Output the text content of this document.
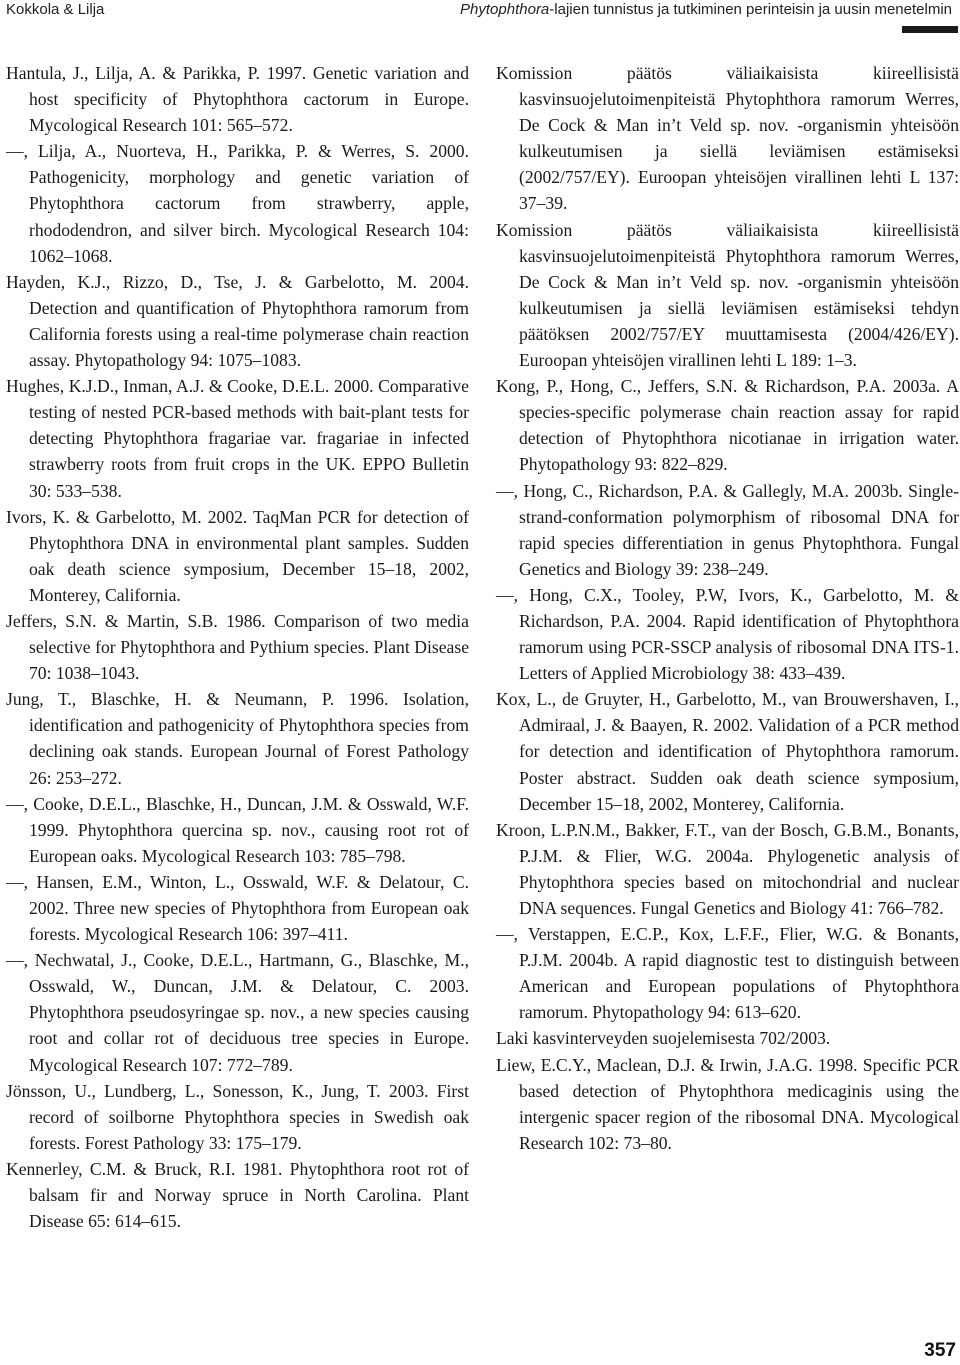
Kokkola & Lilja	Phytophthora-lajien tunnistus ja tutkiminen perinteisin ja uusin menetelmin

Hantula, J., Lilja, A. & Parikka, P. 1997. Genetic variation and host specificity of Phytophthora cactorum in Europe. Mycological Research 101: 565–572.

—, Lilja, A., Nuorteva, H., Parikka, P. & Werres, S. 2000. Pathogenicity, morphology and genetic variation of Phytophthora cactorum from strawberry, apple, rhododendron, and silver birch. Mycological Research 104: 1062–1068.

Hayden, K.J., Rizzo, D., Tse, J. & Garbelotto, M. 2004. Detection and quantification of Phytophthora ramorum from California forests using a real-time polymerase chain reaction assay. Phytopathology 94: 1075–1083.

Hughes, K.J.D., Inman, A.J. & Cooke, D.E.L. 2000. Comparative testing of nested PCR-based methods with bait-plant tests for detecting Phytophthora fragariae var. fragariae in infected strawberry roots from fruit crops in the UK. EPPO Bulletin 30: 533–538.

Ivors, K. & Garbelotto, M. 2002. TaqMan PCR for detection of Phytophthora DNA in environmental plant samples. Sudden oak death science symposium, December 15–18, 2002, Monterey, California.

Jeffers, S.N. & Martin, S.B. 1986. Comparison of two media selective for Phytophthora and Pythium species. Plant Disease 70: 1038–1043.

Jung, T., Blaschke, H. & Neumann, P. 1996. Isolation, identification and pathogenicity of Phytophthora species from declining oak stands. European Journal of Forest Pathology 26: 253–272.

—, Cooke, D.E.L., Blaschke, H., Duncan, J.M. & Osswald, W.F. 1999. Phytophthora quercina sp. nov., causing root rot of European oaks. Mycological Research 103: 785–798.

—, Hansen, E.M., Winton, L., Osswald, W.F. & Delatour, C. 2002. Three new species of Phytophthora from European oak forests. Mycological Research 106: 397–411.

—, Nechwatal, J., Cooke, D.E.L., Hartmann, G., Blaschke, M., Osswald, W., Duncan, J.M. & Delatour, C. 2003. Phytophthora pseudosyringae sp. nov., a new species causing root and collar rot of deciduous tree species in Europe. Mycological Research 107: 772–789.

Jönsson, U., Lundberg, L., Sonesson, K., Jung, T. 2003. First record of soilborne Phytophthora species in Swedish oak forests. Forest Pathology 33: 175–179.

Kennerley, C.M. & Bruck, R.I. 1981. Phytophthora root rot of balsam fir and Norway spruce in North Carolina. Plant Disease 65: 614–615.

Komission päätös väliaikaisista kiireellisistä kasvinsuojelutoimenpiteistä Phytophthora ramorum Werres, De Cock & Man in’t Veld sp. nov. -organismin yhteisöön kulkeutumisen ja siellä leviämisen estämiseksi (2002/757/EY). Euroopan yhteisöjen virallinen lehti L 137: 37–39.

Komission päätös väliaikaisista kiireellisistä kasvinsuojelutoimenpiteistä Phytophthora ramorum Werres, De Cock & Man in’t Veld sp. nov. -organismin yhteisöön kulkeutumisen ja siellä leviämisen estämiseksi tehdyn päätöksen 2002/757/EY muuttamisesta (2004/426/EY). Euroopan yhteisöjen virallinen lehti L 189: 1–3.

Kong, P., Hong, C., Jeffers, S.N. & Richardson, P.A. 2003a. A species-specific polymerase chain reaction assay for rapid detection of Phytophthora nicotianae in irrigation water. Phytopathology 93: 822–829.

—, Hong, C., Richardson, P.A. & Gallegly, M.A. 2003b. Single-strand-conformation polymorphism of ribosomal DNA for rapid species differentiation in genus Phytophthora. Fungal Genetics and Biology 39: 238–249.

—, Hong, C.X., Tooley, P.W, Ivors, K., Garbelotto, M. & Richardson, P.A. 2004. Rapid identification of Phytophthora ramorum using PCR-SSCP analysis of ribosomal DNA ITS-1. Letters of Applied Microbiology 38: 433–439.

Kox, L., de Gruyter, H., Garbelotto, M., van Brouwershaven, I., Admiraal, J. & Baayen, R. 2002. Validation of a PCR method for detection and identification of Phytophthora ramorum. Poster abstract. Sudden oak death science symposium, December 15–18, 2002, Monterey, California.

Kroon, L.P.N.M., Bakker, F.T., van der Bosch, G.B.M., Bonants, P.J.M. & Flier, W.G. 2004a. Phylogenetic analysis of Phytophthora species based on mitochondrial and nuclear DNA sequences. Fungal Genetics and Biology 41: 766–782.

—, Verstappen, E.C.P., Kox, L.F.F., Flier, W.G. & Bonants, P.J.M. 2004b. A rapid diagnostic test to distinguish between American and European populations of Phytophthora ramorum. Phytopathology 94: 613–620.

Laki kasvinterveyden suojelemisesta 702/2003.

Liew, E.C.Y., Maclean, D.J. & Irwin, J.A.G. 1998. Specific PCR based detection of Phytophthora medicaginis using the intergenic spacer region of the ribosomal DNA. Mycological Research 102: 73–80.

357
